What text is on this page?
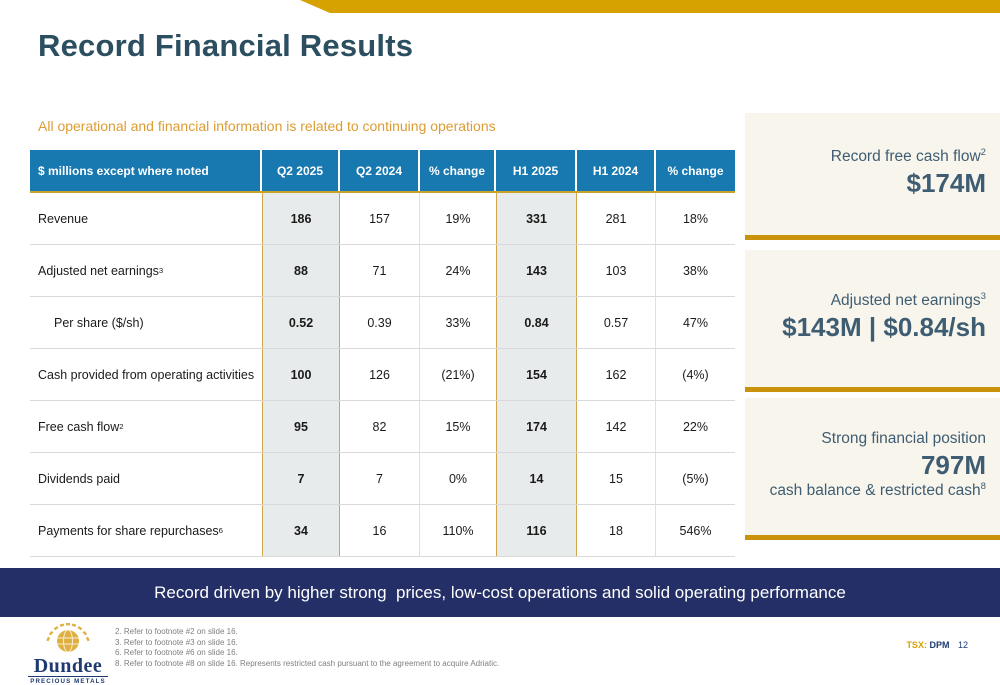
Record Financial Results
All operational and financial information is related to continuing operations
$ millions except where noted	Q2 2025	Q2 2024	% change	H1 2025	H1 2024	% change
Revenue	186	157	19%	331	281	18%
Adjusted net earnings 3	88	71	24%	143	103	38%
Per share ($/sh)	0.52	0.39	33%	0.84	0.57	47%
Cash provided from operating activities	100	126	(21%)	154	162	(4%)
Free cash flow 2	95	82	15%	174	142	22%
Dividends paid	7	7	0%	14	15	(5%)
Payments for share repurchases 6	34	16	110%	116	18	546%
Record free cash flow$^2$
$174M
Adjusted net earnings$^3$
$143M | $0.84/sh
Strong financial position
797M
cash balance & restricted cash$^8$
Record driven by higher strong  prices, low-cost operations and solid operating performance
Dundee
PRECIOUS METALS
2. Refer to footnote #2 on slide 16.
3. Refer to footnote #3 on slide 16.
6. Refer to footnote #6 on slide 16.
8. Refer to footnote #8 on slide 16. Represents restricted cash pursuant to the agreement to acquire Adriatic.
TSX: DPM 12
